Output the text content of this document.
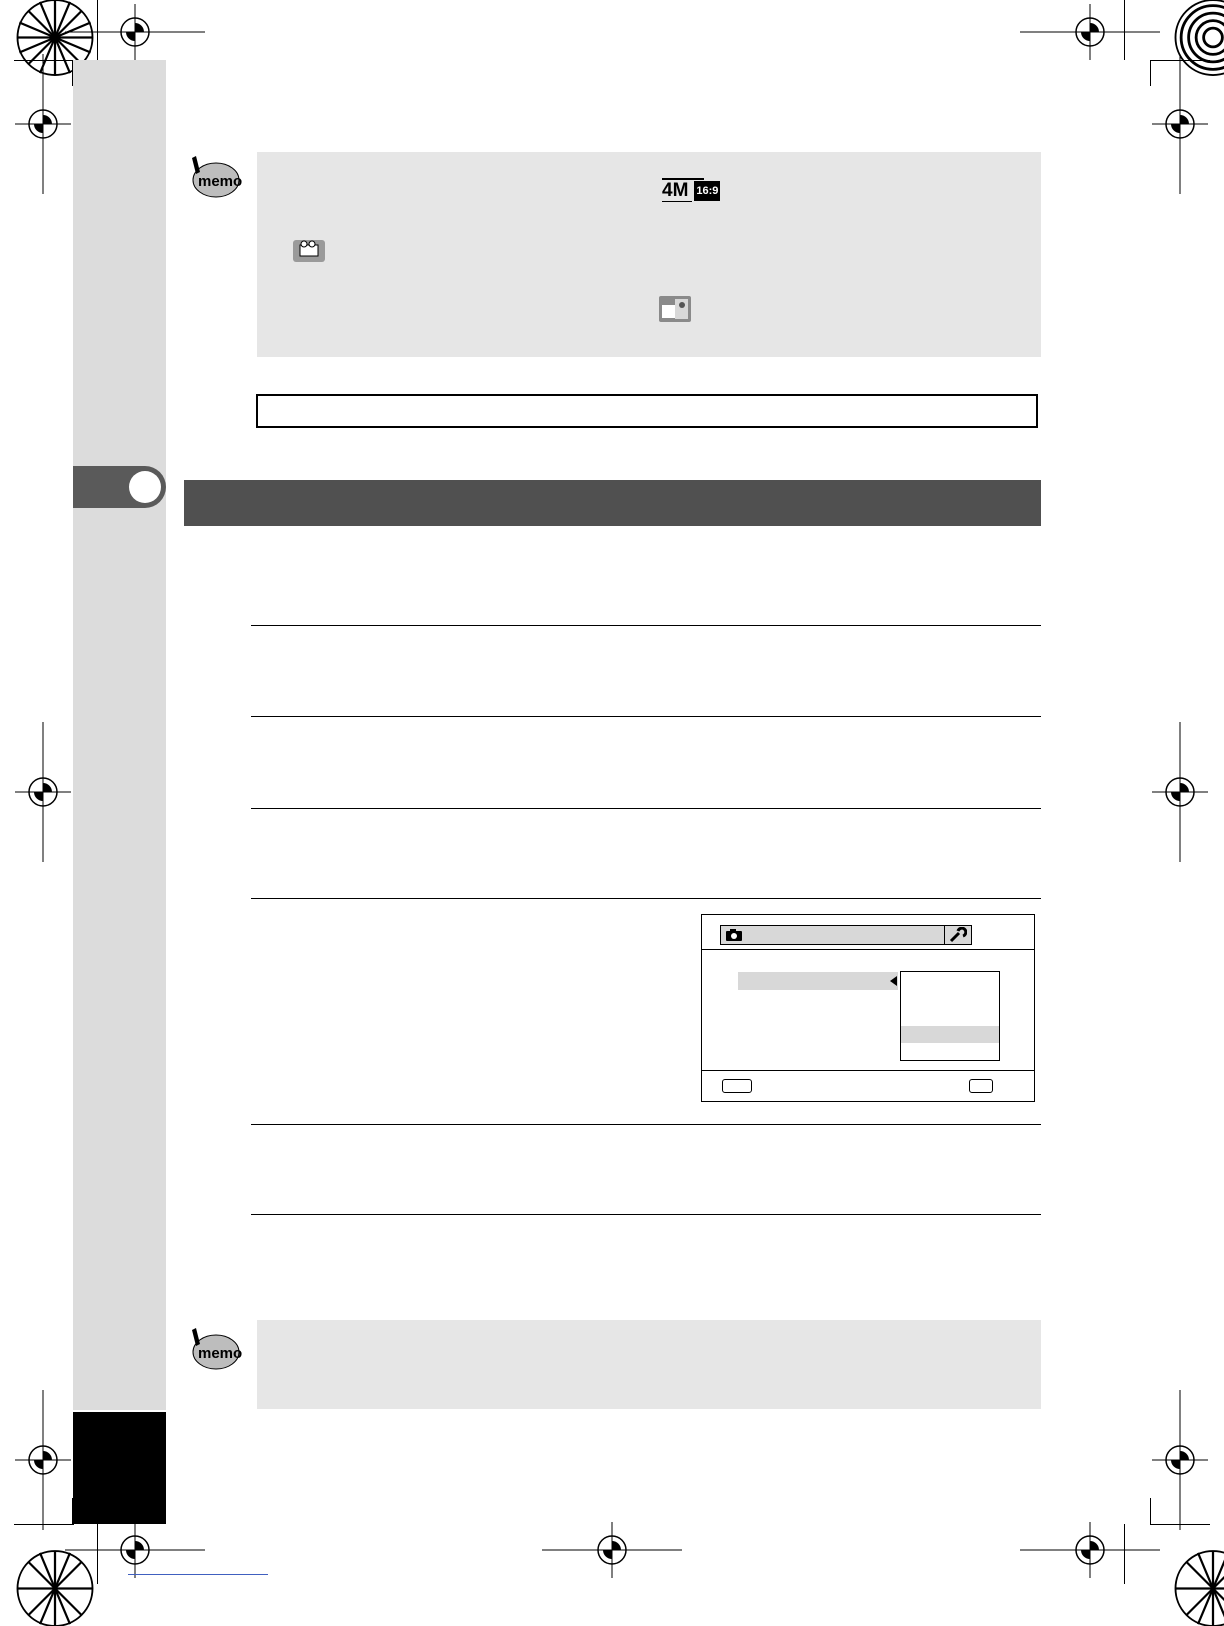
memo	4M 16:9
memo
